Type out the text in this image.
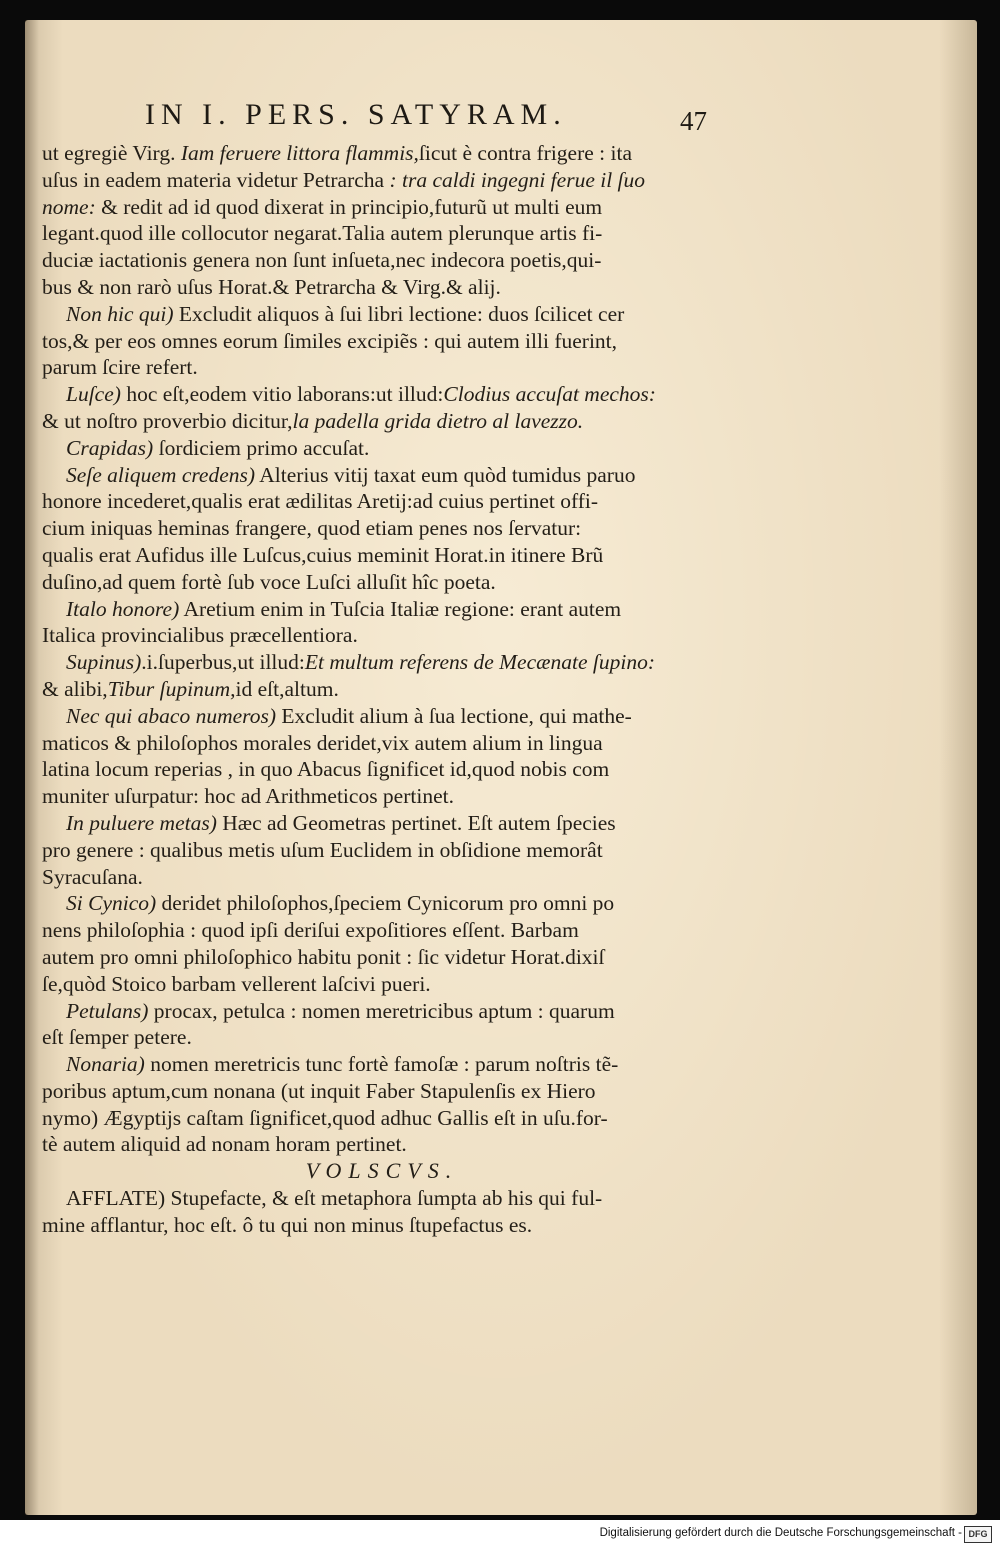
IN I. PERS. SATYRAM.	47
ut egregiè Virg. Iam feruere littora flammis,ſicut è contra frigere : ita
uſus in eadem materia videtur Petrarcha : tra caldi ingegni ferue il ſuo
nome: & redit ad id quod dixerat in principio,futurũ ut multi eum
legant.quod ille collocutor negarat.Talia autem plerunque artis fi-
duciæ iactationis genera non ſunt inſueta,nec indecora poetis,qui-
bus & non rarò uſus Horat.& Petrarcha & Virg.& alij.
Non hic qui) Excludit aliquos à ſui libri lectione: duos ſcilicet cer
tos,& per eos omnes eorum ſimiles excipiẽs : qui autem illi fuerint,
parum ſcire refert.
Luſce) hoc eſt,eodem vitio laborans:ut illud:Clodius accuſat mechos:
& ut noſtro proverbio dicitur,la padella grida dietro al lavezzo.
Crapidas) ſordiciem primo accuſat.
Seſe aliquem credens) Alterius vitij taxat eum quòd tumidus paruo
honore incederet,qualis erat ædilitas Aretij:ad cuius pertinet offi-
cium iniquas heminas frangere, quod etiam penes nos ſervatur:
qualis erat Aufidus ille Luſcus,cuius meminit Horat.in itinere Brũ
duſino,ad quem fortè ſub voce Luſci alluſit hîc poeta.
Italo honore) Aretium enim in Tuſcia Italiæ regione: erant autem
Italica provincialibus præcellentiora.
Supinus).i.ſuperbus,ut illud:Et multum referens de Mecænate ſupino:
& alibi,Tibur ſupinum,id eſt,altum.
Nec qui abaco numeros) Excludit alium à ſua lectione, qui mathe-
maticos & philoſophos morales deridet,vix autem alium in lingua
latina locum reperias , in quo Abacus ſignificet id,quod nobis com
muniter uſurpatur: hoc ad Arithmeticos pertinet.
In puluere metas) Hæc ad Geometras pertinet. Eſt autem ſpecies
pro genere : qualibus metis uſum Euclidem in obſidione memorât
Syracuſana.
Si Cynico) deridet philoſophos,ſpeciem Cynicorum pro omni po
nens philoſophia : quod ipſi deriſui expoſitiores eſſent. Barbam
autem pro omni philoſophico habitu ponit : ſic videtur Horat.dixiſ
ſe,quòd Stoico barbam vellerent laſcivi pueri.
Petulans) procax, petulca : nomen meretricibus aptum : quarum
eſt ſemper petere.
Nonaria) nomen meretricis tunc fortè famoſæ : parum noſtris tẽ-
poribus aptum,cum nonana (ut inquit Faber Stapulenſis ex Hiero
nymo) Ægyptijs caſtam ſignificet,quod adhuc Gallis eſt in uſu.for-
tè autem aliquid ad nonam horam pertinet.
VOLSCVS.
AFFLATE) Stupefacte, & eſt metaphora ſumpta ab his qui ful-
mine afflantur, hoc eſt. ô tu qui non minus ſtupefactus es.
Digitalisierung gefördert durch die Deutsche Forschungsgemeinschaft - DFG
